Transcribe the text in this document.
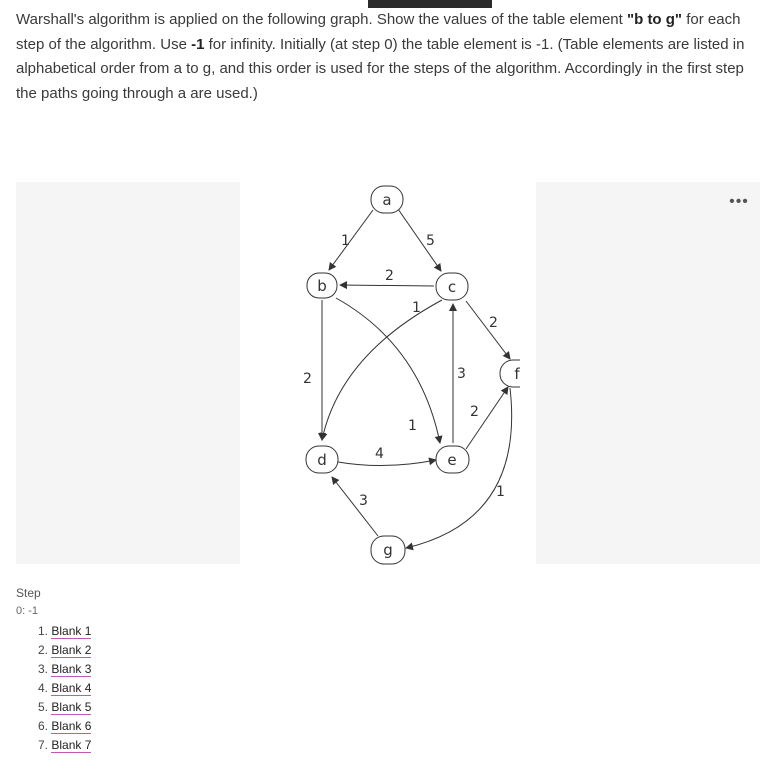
Warshall's algorithm is applied on the following graph. Show the values of the table element "b to g" for each step of the algorithm. Use -1 for infinity. Initially (at step 0) the table element is -1. (Table elements are listed in alphabetical order from a to g, and this order is used for the steps of the algorithm. Accordingly in the first step the paths going through a are used.)
•••
a
b	c
f
d	e
g
1	5
2
1
2
2
1
3
2
4
3
1
Step
0: -1
1. Blank 1
2. Blank 2
3. Blank 3
4. Blank 4
5. Blank 5
6. Blank 6
7. Blank 7
